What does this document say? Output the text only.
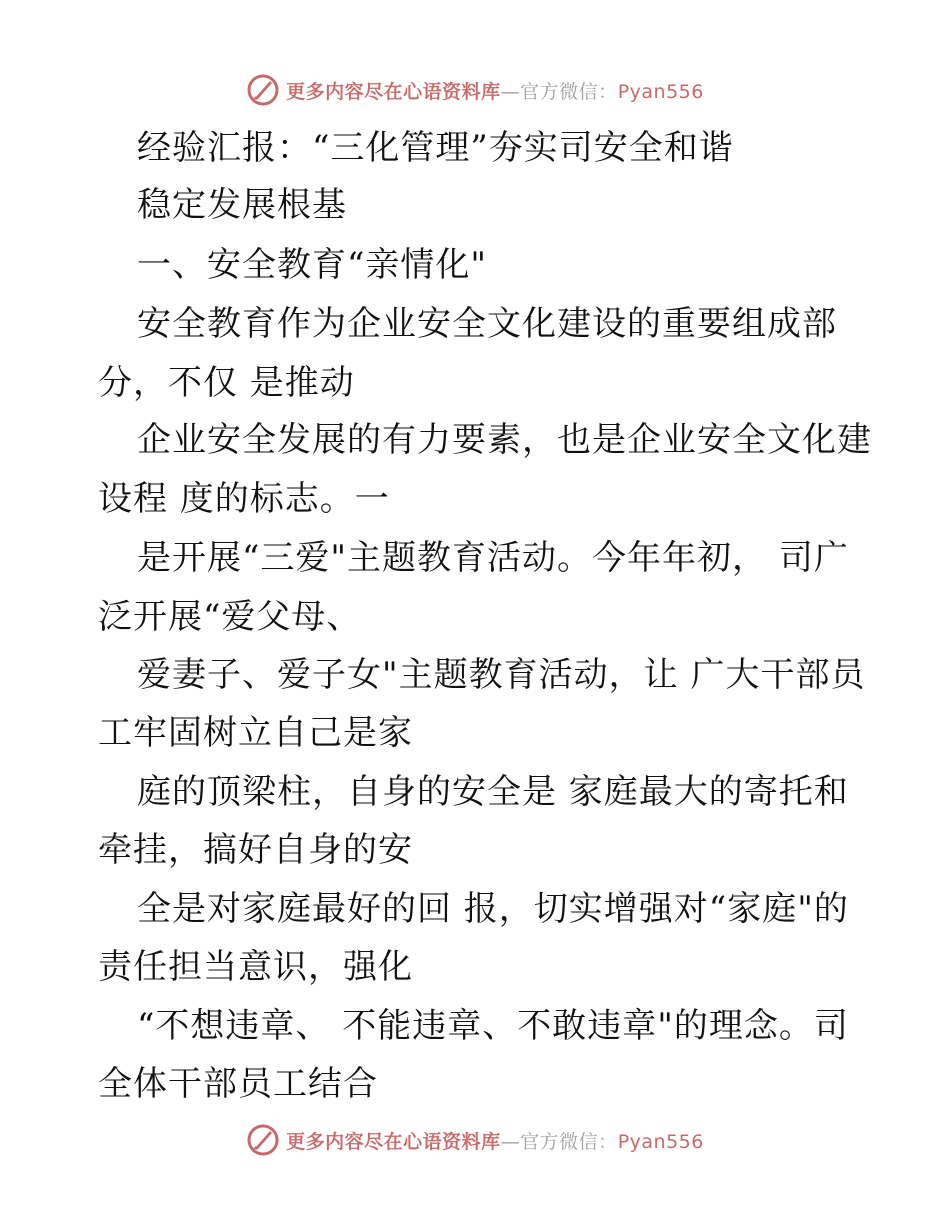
更多内容尽在心语资料库—官方微信：Pyan556
经验汇报：“三化管理”夯实司安全和谐
稳定发展根基
一、安全教育“亲情化"
安全教育作为企业安全文化建设的重要组成部
分，不仅 是推动
企业安全发展的有力要素，也是企业安全文化建
设程 度的标志。一
是开展“三爱"主题教育活动。今年年初， 司广
泛开展“爱父母、
爱妻子、爱子女"主题教育活动，让 广大干部员
工牢固树立自己是家
庭的顶梁柱，自身的安全是 家庭最大的寄托和
牵挂，搞好自身的安
全是对家庭最好的回 报，切实增强对“家庭"的
责任担当意识，强化
“不想违章、 不能违章、不敢违章"的理念。司
全体干部员工结合
更多内容尽在心语资料库—官方微信：Pyan556
